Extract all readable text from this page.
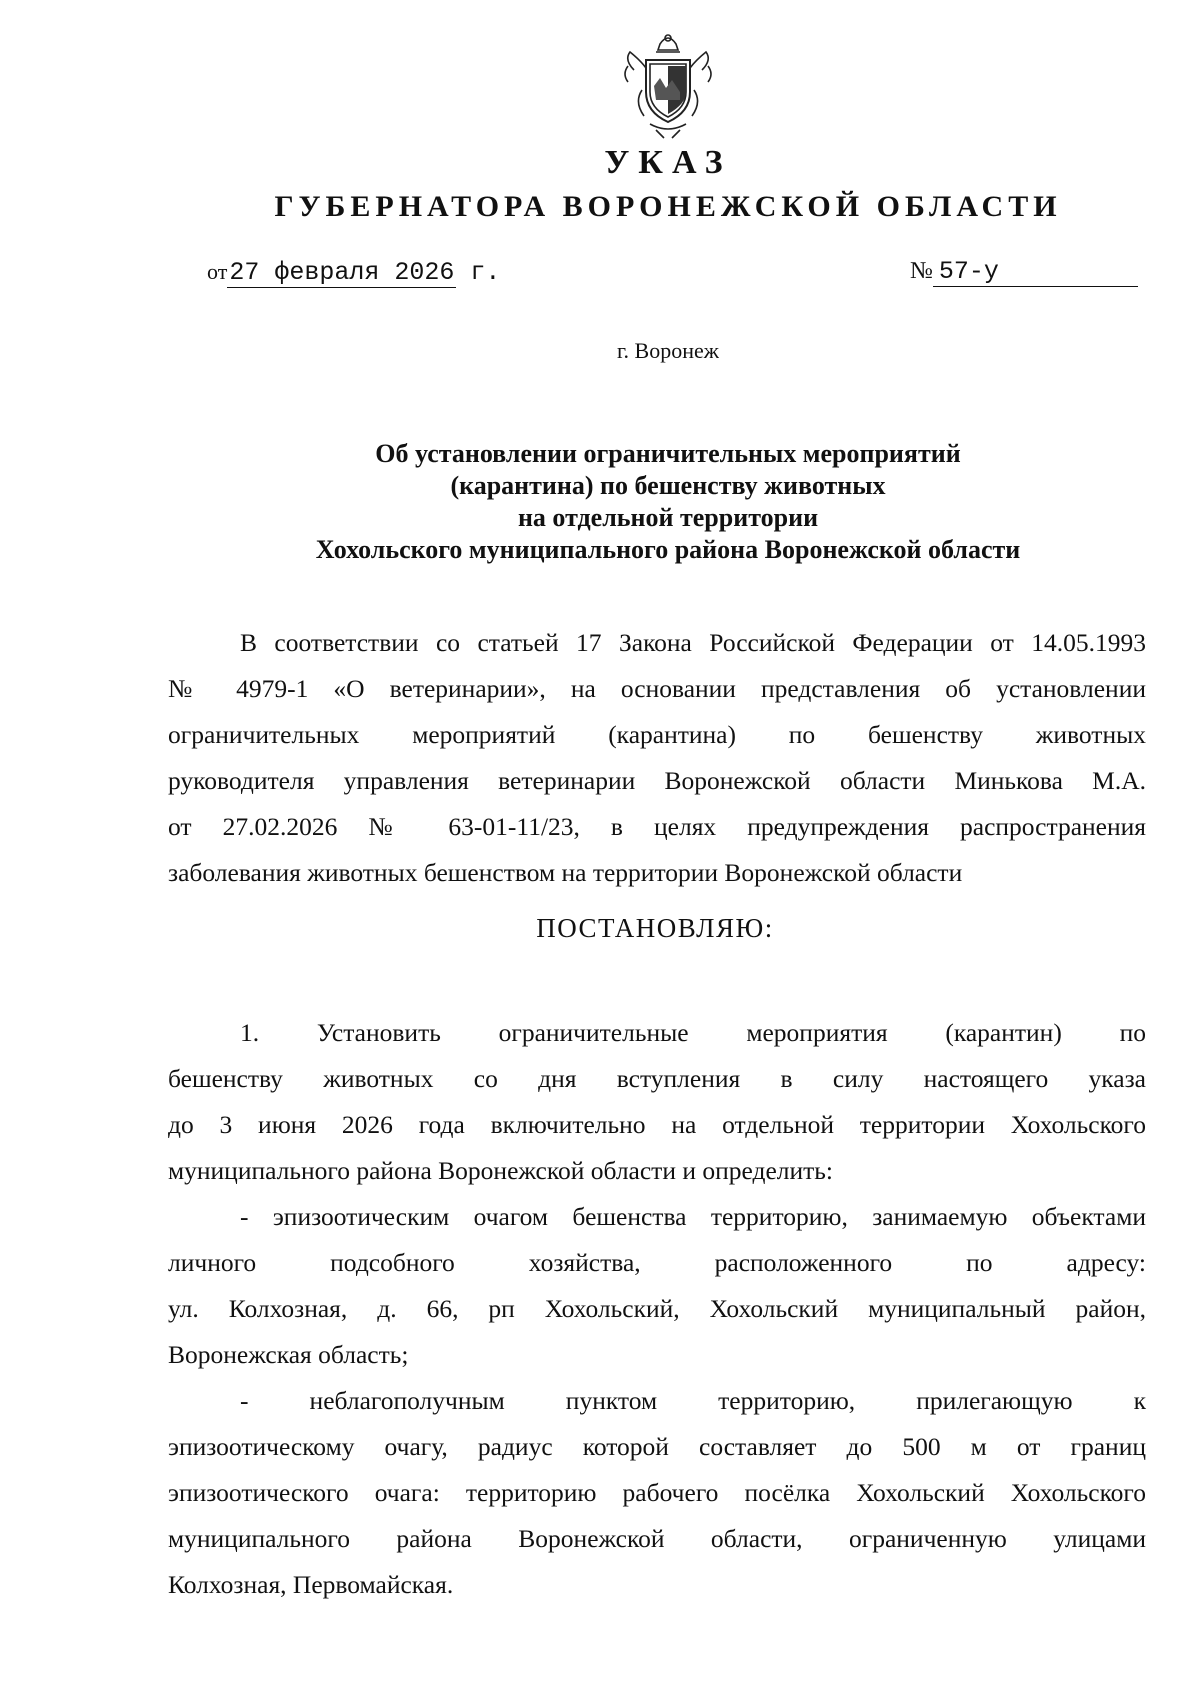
УКАЗ
ГУБЕРНАТОРА ВОРОНЕЖСКОЙ ОБЛАСТИ
от27 февраля 2026 г.	№ 57-у
г. Воронеж
Об установлении ограничительных мероприятий
(карантина) по бешенству животных
на отдельной территории
Хохольского муниципального района Воронежской области
В соответствии со статьей 17 Закона Российской Федерации от 14.05.1993
№ 4979-1 «О ветеринарии», на основании представления об установлении
ограничительных мероприятий (карантина) по бешенству животных
руководителя управления ветеринарии Воронежской области Минькова М.А.
от 27.02.2026 № 63-01-11/23, в целях предупреждения распространения
заболевания животных бешенством на территории Воронежской области
ПОСТАНОВЛЯЮ:
1. Установить ограничительные мероприятия (карантин) по
бешенству животных со дня вступления в силу настоящего указа
до 3 июня 2026 года включительно на отдельной территории Хохольского
муниципального района Воронежской области и определить:
- эпизоотическим очагом бешенства территорию, занимаемую объектами
личного подсобного хозяйства, расположенного по адресу:
ул. Колхозная, д. 66, рп Хохольский, Хохольский муниципальный район,
Воронежская область;
- неблагополучным пунктом территорию, прилегающую к
эпизоотическому очагу, радиус которой составляет до 500 м от границ
эпизоотического очага: территорию рабочего посёлка Хохольский Хохольского
муниципального района Воронежской области, ограниченную улицами
Колхозная, Первомайская.
